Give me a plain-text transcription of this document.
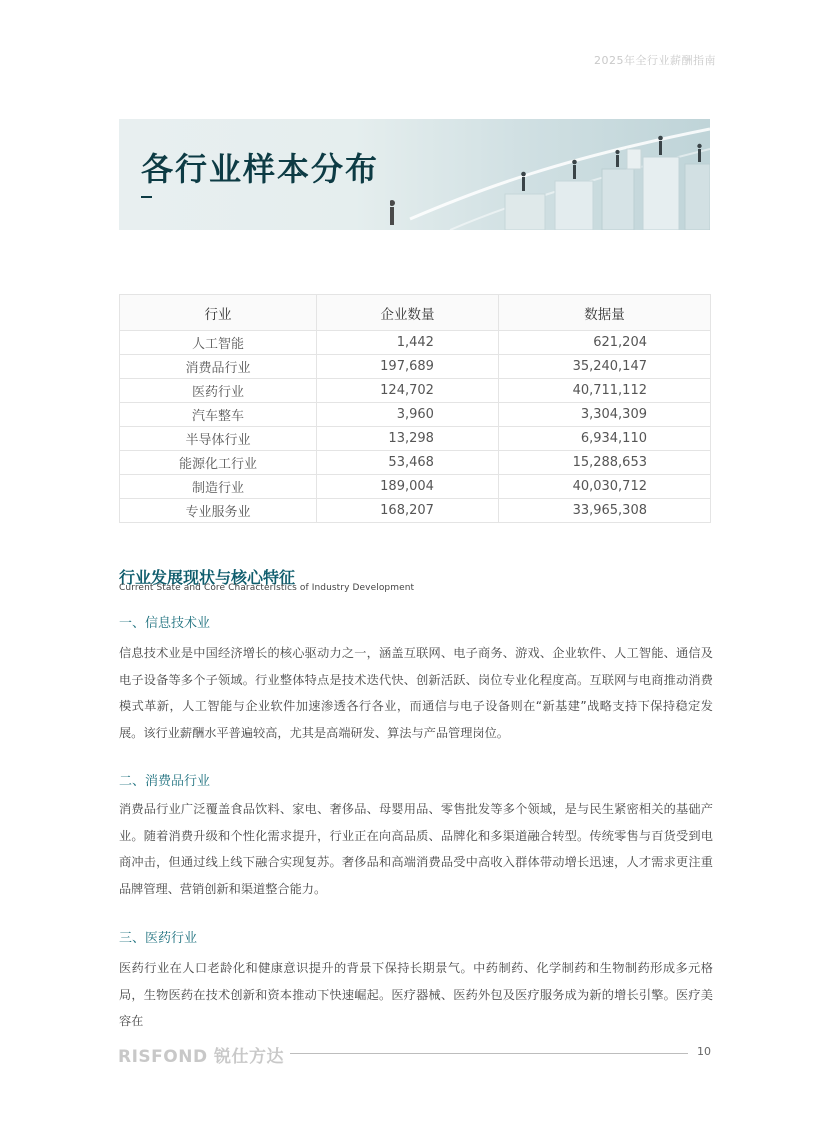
2025年全行业薪酬指南
各行业样本分布
行业	企业数量	数据量
人工智能	1,442	621,204
消费品行业	197,689	35,240,147
医药行业	124,702	40,711,112
汽车整车	3,960	3,304,309
半导体行业	13,298	6,934,110
能源化工行业	53,468	15,288,653
制造行业	189,004	40,030,712
专业服务业	168,207	33,965,308
行业发展现状与核心特征
Current State and Core Characteristics of Industry Development
一、信息技术业

信息技术业是中国经济增长的核心驱动力之一，涵盖互联网、电子商务、游戏、企业软件、人工智能、通信及电子设备等多个子领域。行业整体特点是技术迭代快、创新活跃、岗位专业化程度高。互联网与电商推动消费模式革新，人工智能与企业软件加速渗透各行各业，而通信与电子设备则在“新基建”战略支持下保持稳定发展。该行业薪酬水平普遍较高，尤其是高端研发、算法与产品管理岗位。

二、消费品行业

消费品行业广泛覆盖食品饮料、家电、奢侈品、母婴用品、零售批发等多个领域，是与民生紧密相关的基础产业。随着消费升级和个性化需求提升，行业正在向高品质、品牌化和多渠道融合转型。传统零售与百货受到电商冲击，但通过线上线下融合实现复苏。奢侈品和高端消费品受中高收入群体带动增长迅速，人才需求更注重品牌管理、营销创新和渠道整合能力。

三、医药行业

医药行业在人口老龄化和健康意识提升的背景下保持长期景气。中药制药、化学制药和生物制药形成多元格局，生物医药在技术创新和资本推动下快速崛起。医疗器械、医药外包及医疗服务成为新的增长引擎。医疗美容在

RISFOND 锐仕方达	10
